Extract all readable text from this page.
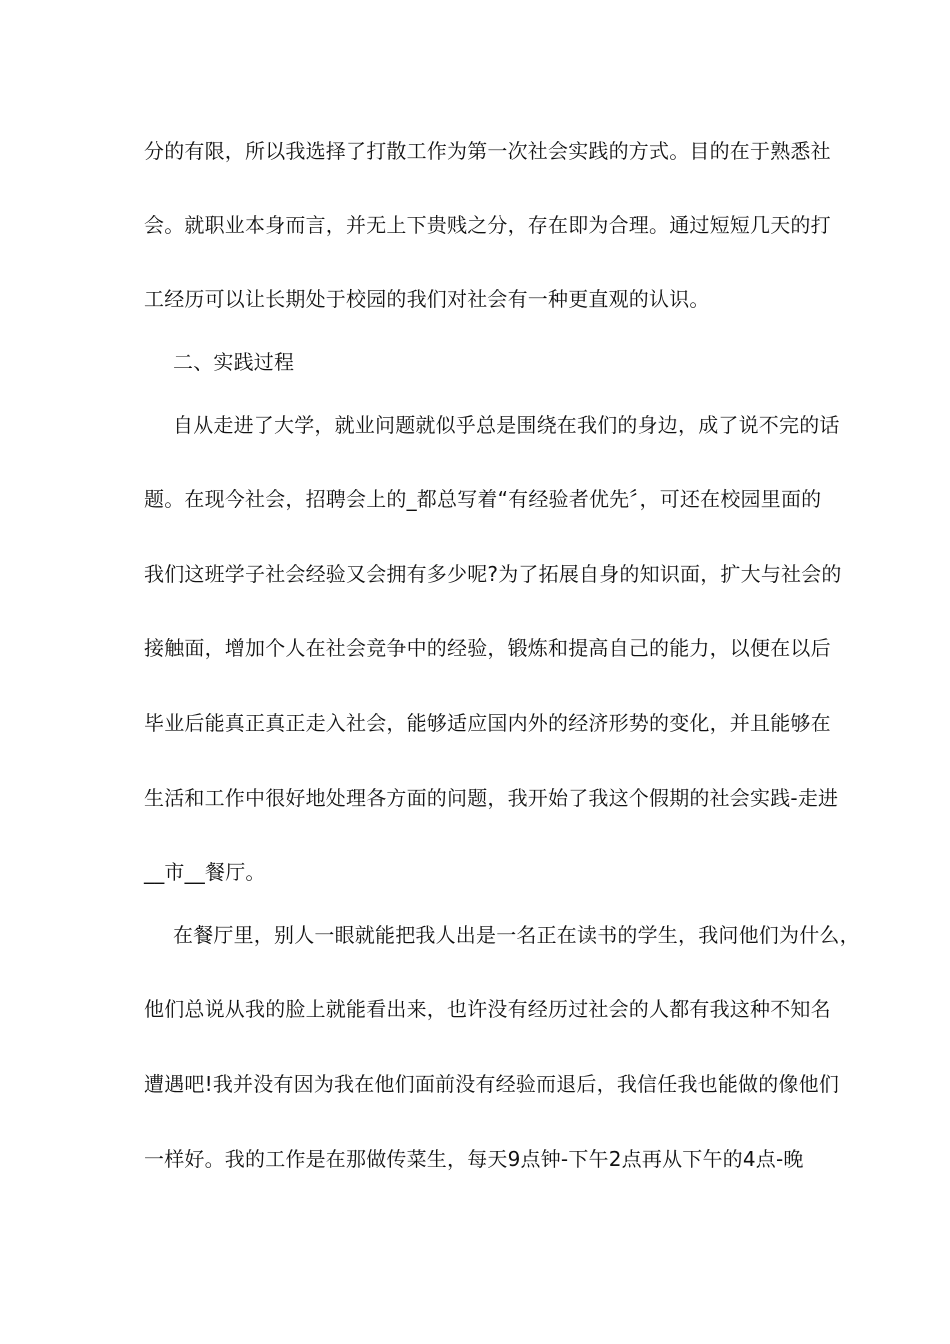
分的有限，所以我选择了打散工作为第一次社会实践的方式。目的在于熟悉社
会。就职业本身而言，并无上下贵贱之分，存在即为合理。通过短短几天的打
工经历可以让长期处于校园的我们对社会有一种更直观的认识。
二、实践过程
自从走进了大学，就业问题就似乎总是围绕在我们的身边，成了说不完的话
题。在现今社会，招聘会上的_都总写着“有经验者优先〞，可还在校园里面的
我们这班学子社会经验又会拥有多少呢?为了拓展自身的知识面，扩大与社会的
接触面，增加个人在社会竞争中的经验，锻炼和提高自己的能力，以便在以后
毕业后能真正真正走入社会，能够适应国内外的经济形势的变化，并且能够在
生活和工作中很好地处理各方面的问题，我开始了我这个假期的社会实践-走进
__市__餐厅。
在餐厅里，别人一眼就能把我人出是一名正在读书的学生，我问他们为什么，
他们总说从我的脸上就能看出来，也许没有经历过社会的人都有我这种不知名
遭遇吧!我并没有因为我在他们面前没有经验而退后，我信任我也能做的像他们
一样好。我的工作是在那做传菜生，每天9点钟-下午2点再从下午的4点-晚
